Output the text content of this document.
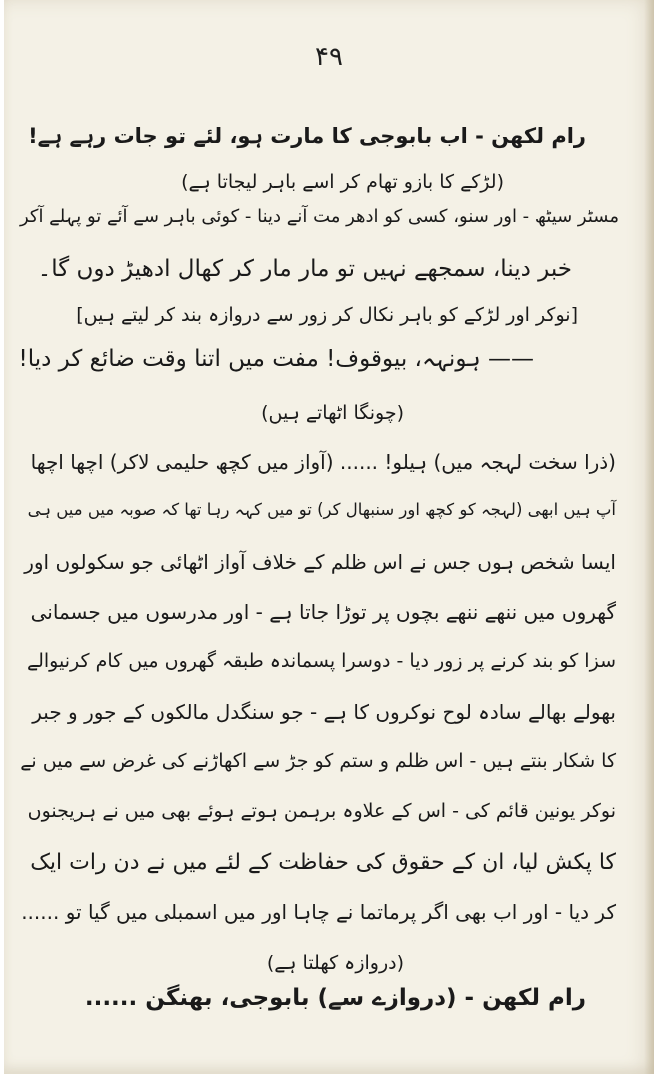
۴۹
رام لکھن - اب بابوجی کا مارت ہو، لئے تو جات رہے ہے!
(لڑکے کا بازو تھام کر اسے باہر لیجاتا ہے)
مسٹر سیٹھ - اور سنو، کسی کو ادھر مت آنے دینا - کوئی باہر سے آئے تو پہلے آکر
خبر دینا، سمجھے نہیں تو مار مار کر کھال ادھیڑ دوں گا۔
[نوکر اور لڑکے کو باہر نکال کر زور سے دروازہ بند کر لیتے ہیں]
—— ہونہہ، بیوقوف! مفت میں اتنا وقت ضائع کر دیا!
(چونگا اٹھاتے ہیں)
(ذرا سخت لہجہ میں) ہیلو! ...... (آواز میں کچھ حلیمی لاکر) اچھا اچھا
آپ ہیں ابھی (لہجہ کو کچھ اور سنبھال کر) تو میں کہہ رہا تھا کہ صوبہ میں میں ہی
ایسا شخص ہوں جس نے اس ظلم کے خلاف آواز اٹھائی جو سکولوں اور
گھروں میں ننھے ننھے بچوں پر توڑا جاتا ہے - اور مدرسوں میں جسمانی
سزا کو بند کرنے پر زور دیا - دوسرا پسماندہ طبقہ گھروں میں کام کرنیوالے
بھولے بھالے سادہ لوح نوکروں کا ہے - جو سنگدل مالکوں کے جور و جبر
کا شکار بنتے ہیں - اس ظلم و ستم کو جڑ سے اکھاڑنے کی غرض سے میں نے
نوکر یونین قائم کی - اس کے علاوہ برہمن ہوتے ہوئے بھی میں نے ہریجنوں
کا پکش لیا، ان کے حقوق کی حفاظت کے لئے میں نے دن رات ایک
کر دیا - اور اب بھی اگر پرماتما نے چاہا اور میں اسمبلی میں گیا تو ......
(دروازہ کھلتا ہے)
رام لکھن - (دروازے سے) بابوجی، بھنگن ......
